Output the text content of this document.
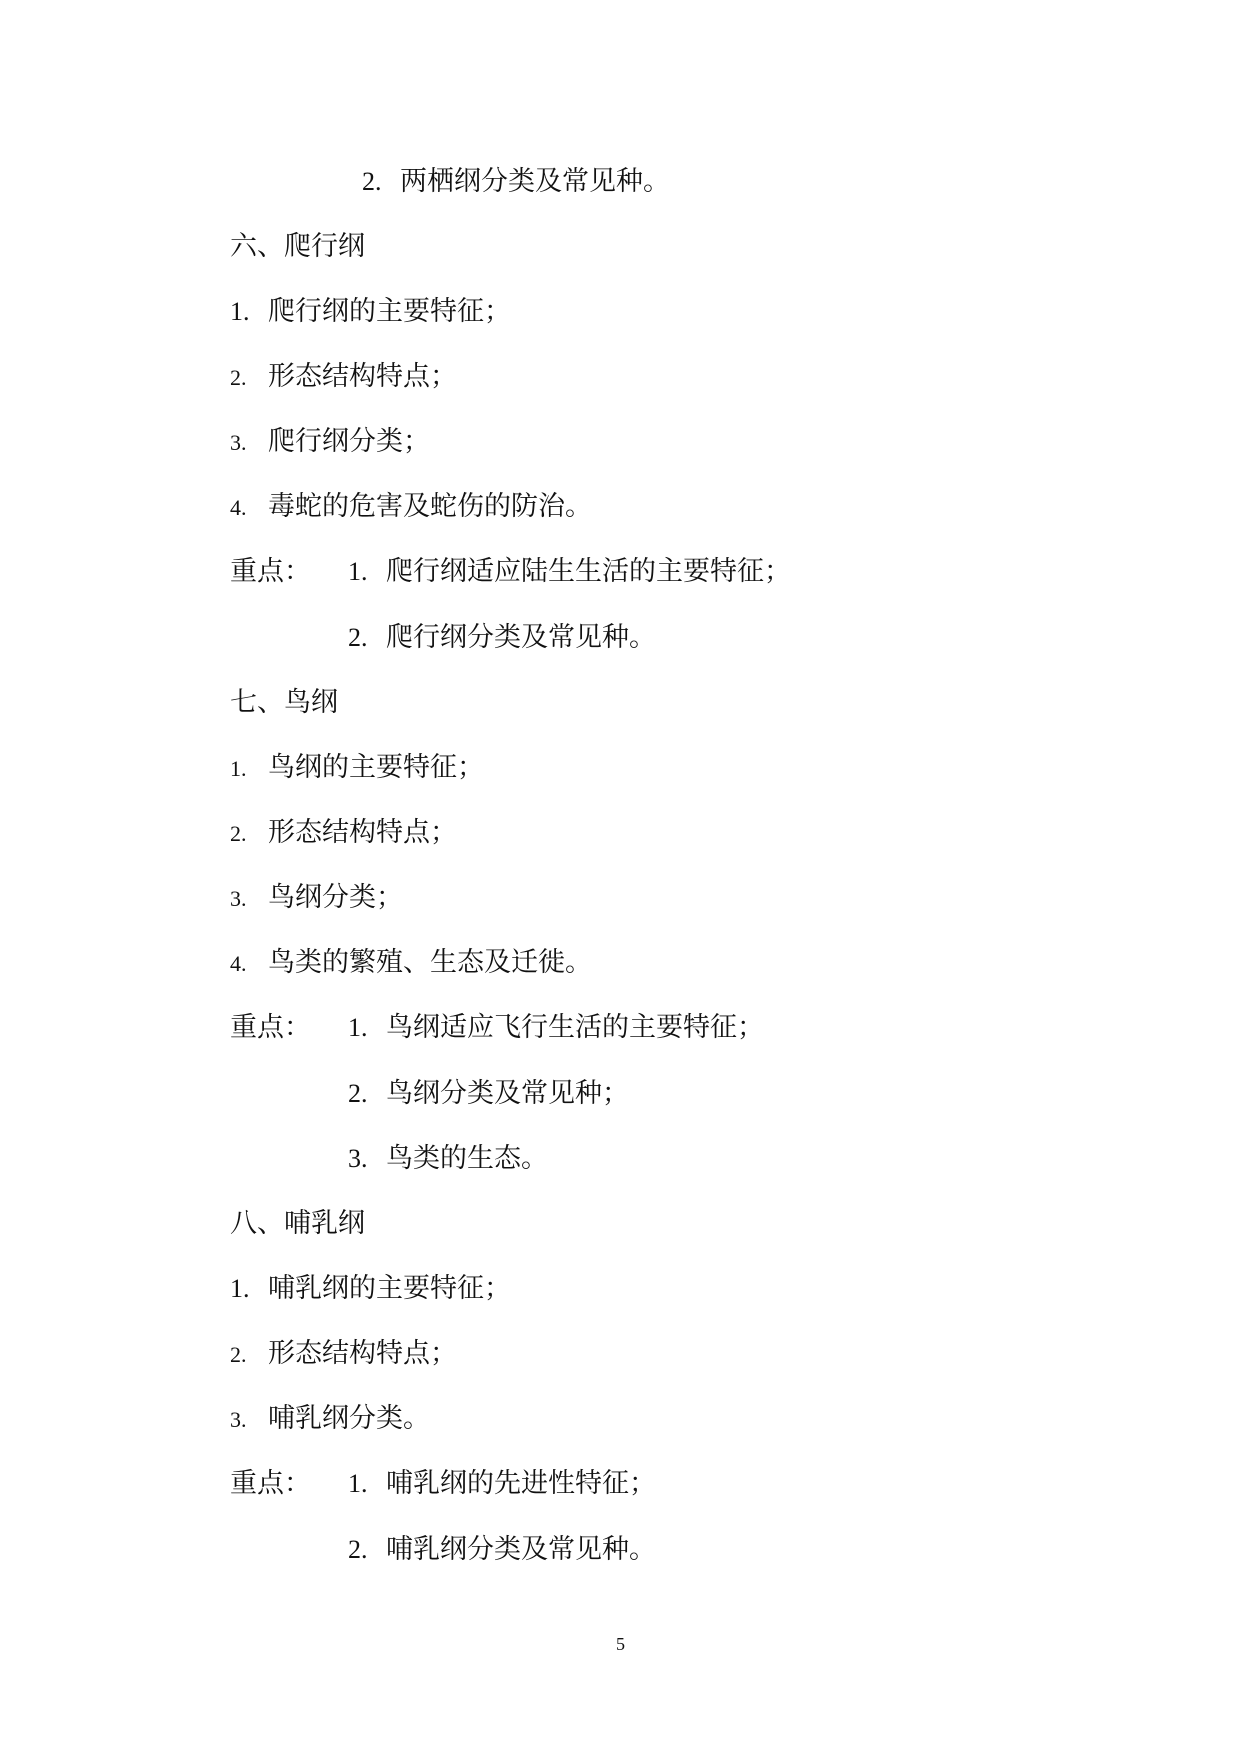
2. 两栖纲分类及常见种。
六、爬行纲
1. 爬行纲的主要特征；
2. 形态结构特点；
3. 爬行纲分类；
4. 毒蛇的危害及蛇伤的防治。
重点： 1. 爬行纲适应陆生生活的主要特征；
2. 爬行纲分类及常见种。
七、鸟纲
1. 鸟纲的主要特征；
2. 形态结构特点；
3. 鸟纲分类；
4. 鸟类的繁殖、生态及迁徙。
重点： 1. 鸟纲适应飞行生活的主要特征；
2. 鸟纲分类及常见种；
3. 鸟类的生态。
八、哺乳纲
1. 哺乳纲的主要特征；
2. 形态结构特点；
3. 哺乳纲分类。
重点： 1. 哺乳纲的先进性特征；
2. 哺乳纲分类及常见种。
5
